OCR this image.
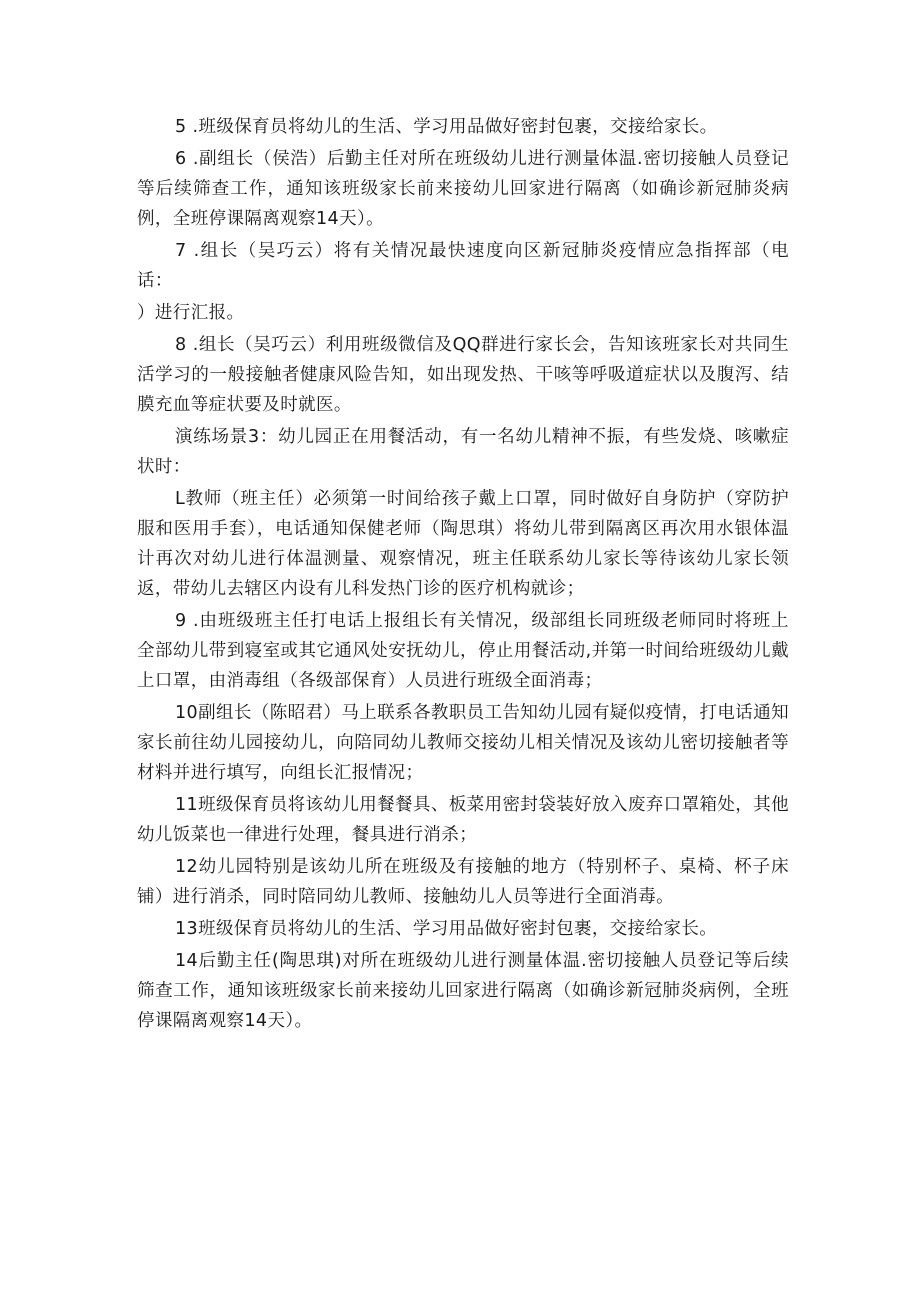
5 .班级保育员将幼儿的生活、学习用品做好密封包裹，交接给家长。

6 .副组长（侯浩）后勤主任对所在班级幼儿进行测量体温.密切接触人员登记等后续筛查工作，通知该班级家长前来接幼儿回家进行隔离（如确诊新冠肺炎病例，全班停课隔离观察14天）。

7 .组长（吴巧云）将有关情况最快速度向区新冠肺炎疫情应急指挥部（电话：

）进行汇报。

8 .组长（吴巧云）利用班级微信及QQ群进行家长会，告知该班家长对共同生活学习的一般接触者健康风险告知，如出现发热、干咳等呼吸道症状以及腹泻、结膜充血等症状要及时就医。

演练场景3：幼儿园正在用餐活动，有一名幼儿精神不振，有些发烧、咳嗽症状时：

L教师（班主任）必须第一时间给孩子戴上口罩，同时做好自身防护（穿防护服和医用手套），电话通知保健老师（陶思琪）将幼儿带到隔离区再次用水银体温计再次对幼儿进行体温测量、观察情况，班主任联系幼儿家长等待该幼儿家长领返，带幼儿去辖区内设有儿科发热门诊的医疗机构就诊；

9 .由班级班主任打电话上报组长有关情况，级部组长同班级老师同时将班上全部幼儿带到寝室或其它通风处安抚幼儿，停止用餐活动,并第一时间给班级幼儿戴上口罩，由消毒组（各级部保育）人员进行班级全面消毒；

10副组长（陈昭君）马上联系各教职员工告知幼儿园有疑似疫情，打电话通知家长前往幼儿园接幼儿，向陪同幼儿教师交接幼儿相关情况及该幼儿密切接触者等材料并进行填写，向组长汇报情况；

11班级保育员将该幼儿用餐餐具、板菜用密封袋装好放入废弃口罩箱处，其他幼儿饭菜也一律进行处理，餐具进行消杀；

12幼儿园特别是该幼儿所在班级及有接触的地方（特别杯子、桌椅、杯子床铺）进行消杀，同时陪同幼儿教师、接触幼儿人员等进行全面消毒。

13班级保育员将幼儿的生活、学习用品做好密封包裹，交接给家长。

14后勤主任(陶思琪)对所在班级幼儿进行测量体温.密切接触人员登记等后续筛查工作，通知该班级家长前来接幼儿回家进行隔离（如确诊新冠肺炎病例，全班停课隔离观察14天）。
